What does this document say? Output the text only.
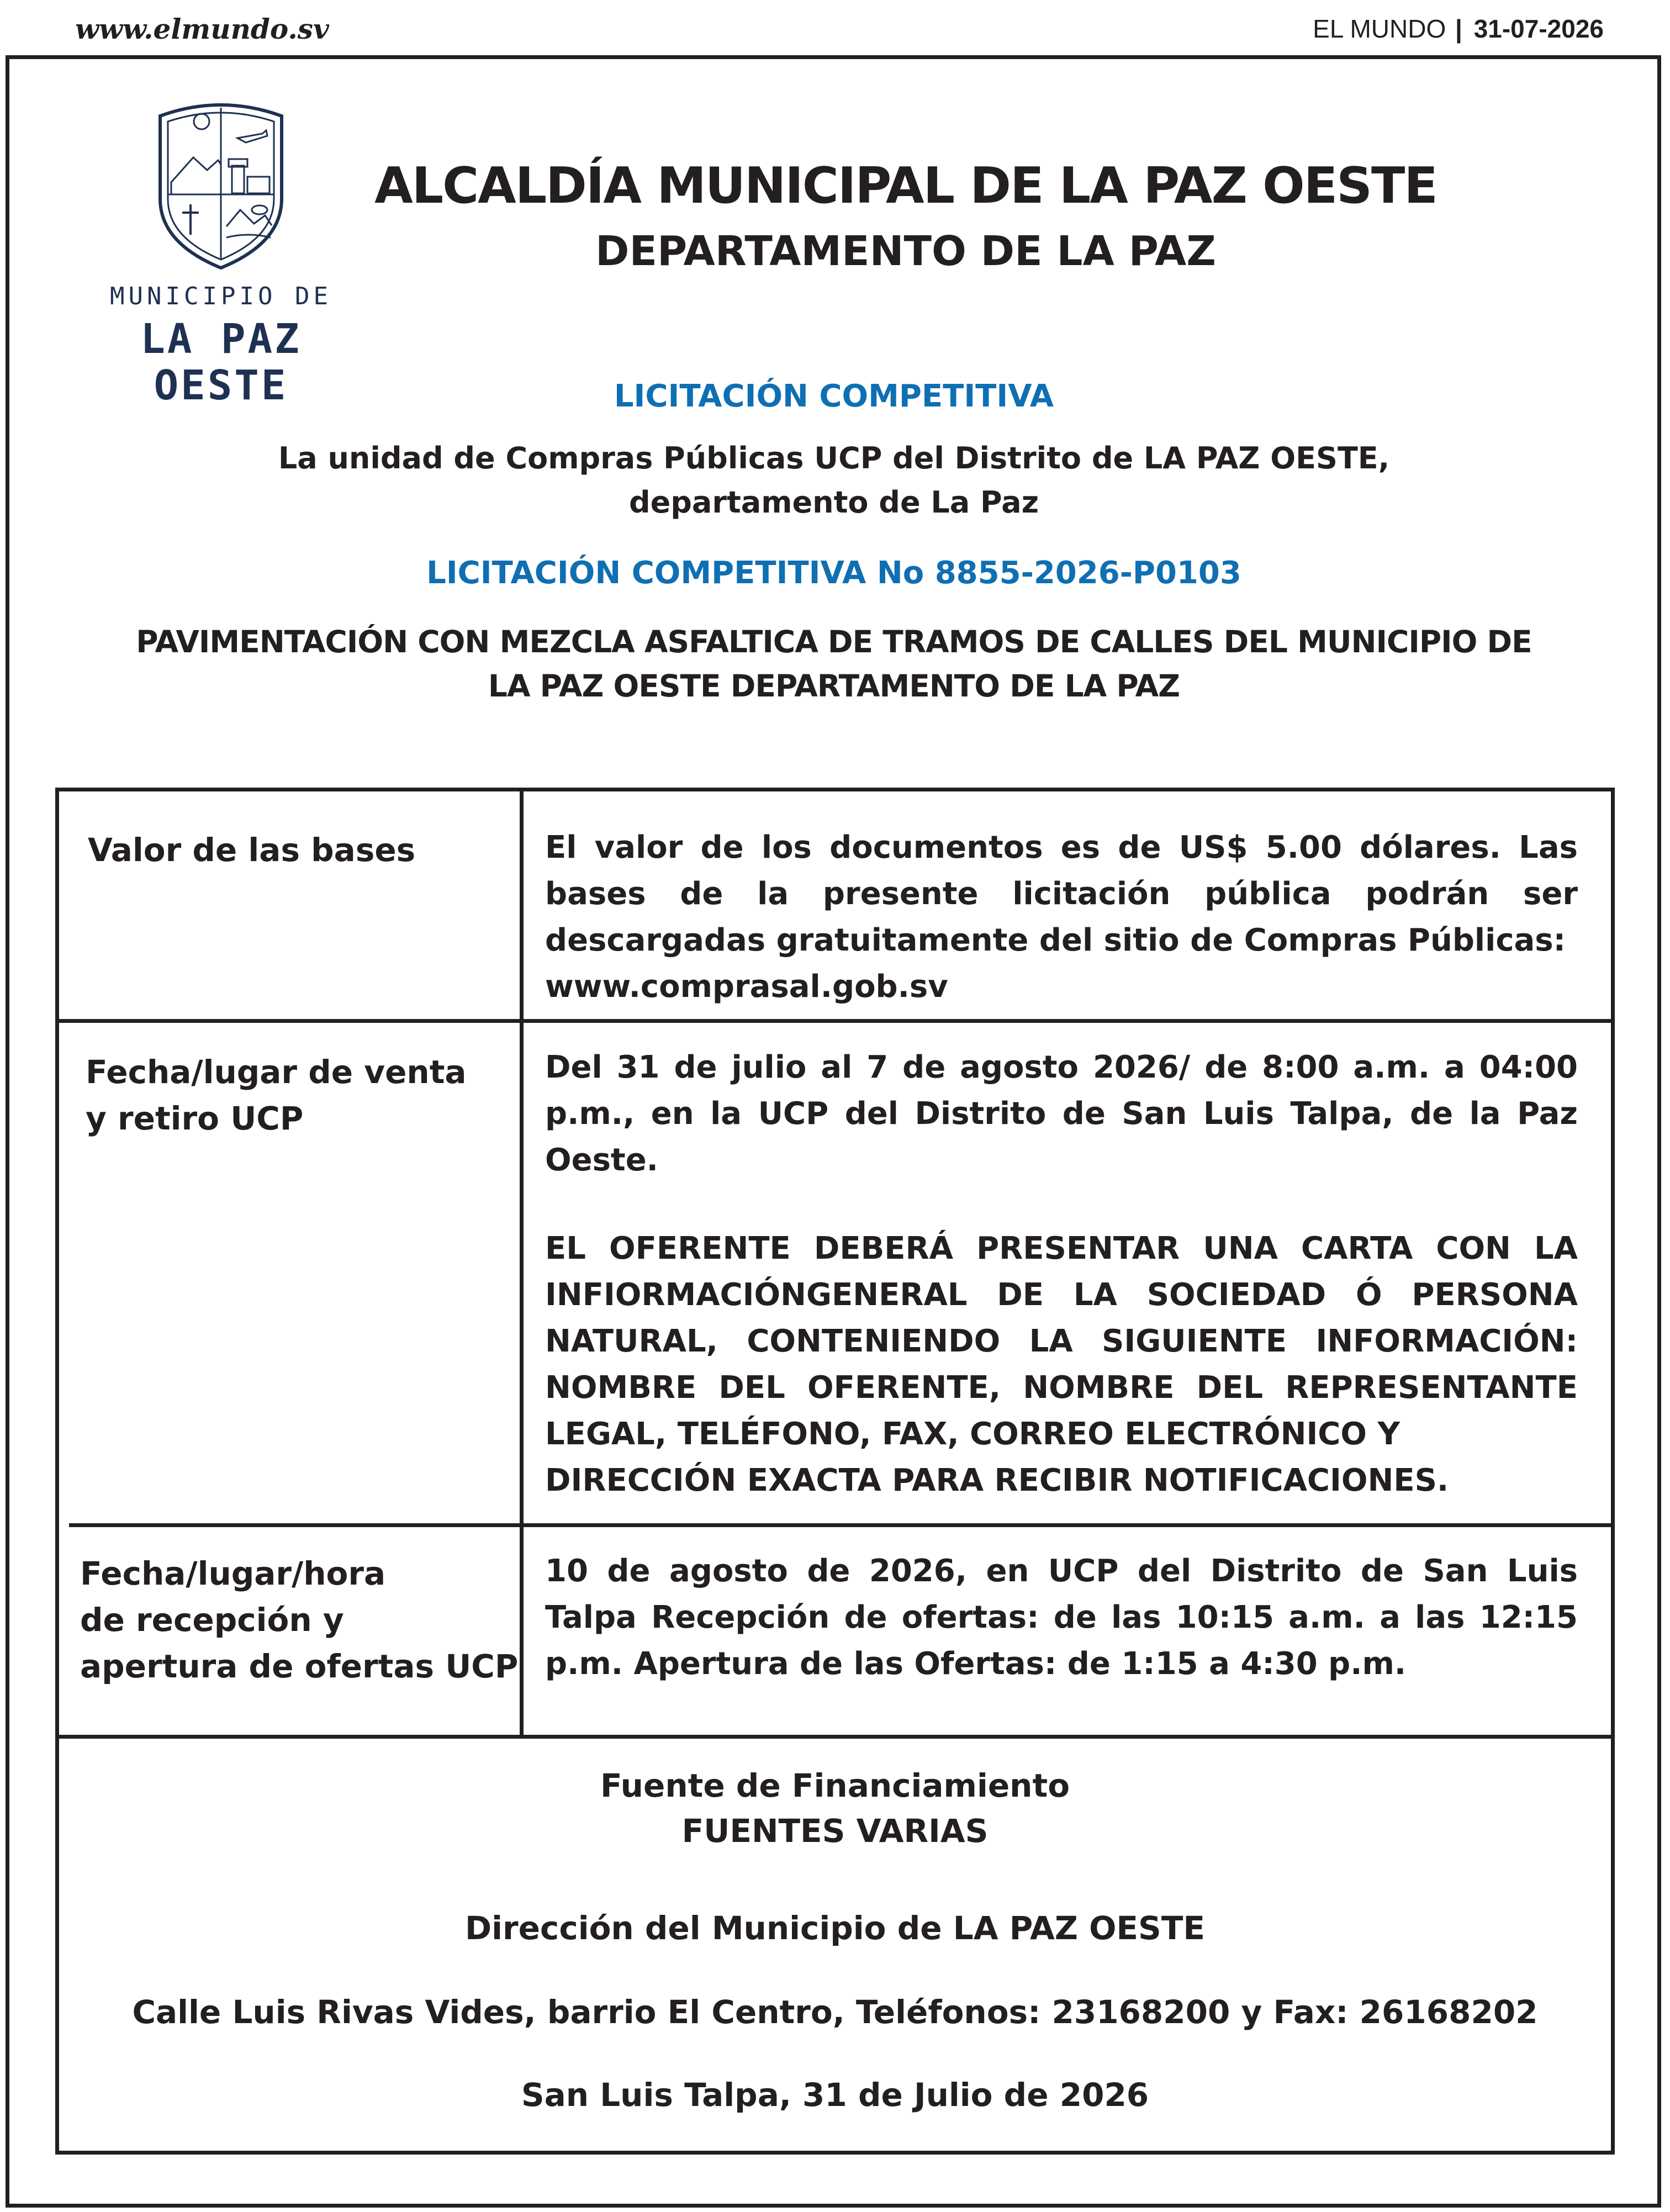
www.elmundo.sv	EL MUNDO | 31-07-2026
MUNICIPIO DE
LA PAZ OESTE
ALCALDÍA MUNICIPAL DE LA PAZ OESTE
DEPARTAMENTO DE LA PAZ
LICITACIÓN COMPETITIVA
La unidad de Compras Públicas UCP del Distrito de LA PAZ OESTE,
departamento de La Paz
LICITACIÓN COMPETITIVA No 8855-2026-P0103
PAVIMENTACIÓN CON MEZCLA ASFALTICA DE TRAMOS DE CALLES DEL MUNICIPIO DE
LA PAZ OESTE DEPARTAMENTO DE LA PAZ
Valor de las bases	El valor de los documentos es de US$ 5.00 dólares. Las bases de la presente licitación pública podrán ser descargadas gratuitamente del sitio de Compras Públicas:
www.comprasal.gob.sv
Fecha/lugar de venta
y retiro UCP
Del 31 de julio al 7 de agosto 2026/ de 8:00 a.m. a 04:00 p.m., en la UCP del Distrito de San Luis Talpa, de la Paz Oeste.
EL OFERENTE DEBERÁ PRESENTAR UNA CARTA CON LA INFIORMACIÓNGENERAL DE LA SOCIEDAD Ó PERSONA NATURAL, CONTENIENDO LA SIGUIENTE INFORMACIÓN: NOMBRE DEL OFERENTE, NOMBRE DEL REPRESENTANTE LEGAL, TELÉFONO, FAX, CORREO ELECTRÓNICO Y
DIRECCIÓN EXACTA PARA RECIBIR NOTIFICACIONES.
Fecha/lugar/hora
de recepción y
apertura de ofertas UCP
10 de agosto de 2026, en UCP del Distrito de San Luis Talpa Recepción de ofertas: de las 10:15 a.m. a las 12:15 p.m. Apertura de las Ofertas: de 1:15 a 4:30 p.m.
Fuente de Financiamiento
FUENTES VARIAS
Dirección del Municipio de LA PAZ OESTE
Calle Luis Rivas Vides, barrio El Centro, Teléfonos: 23168200 y Fax: 26168202
San Luis Talpa, 31 de Julio de 2026
